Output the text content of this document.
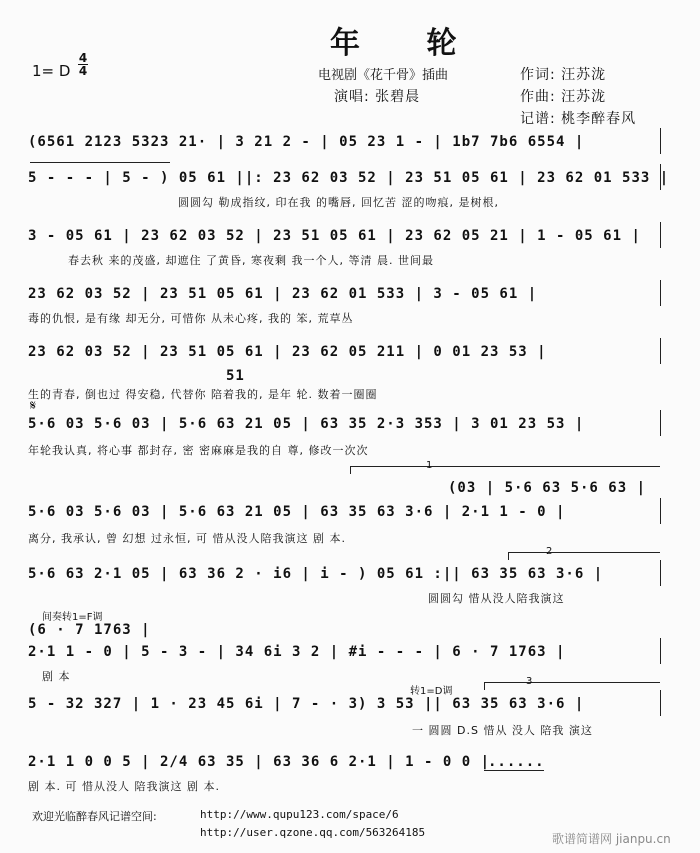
年 轮
1= D
4
4	电视剧《花千骨》插曲
演唱: 张碧晨
作词: 汪苏泷
作曲: 汪苏泷
记谱: 桃李醉春风
(6561 2123 5323 21· | 3 21 2 - | 05 23 1 - | 1b7 7b6 6554 |
5 - - - | 5 - ) 05 61 ||: 23 62 03 52 | 23 51 05 61 | 23 62 01 533 |
圆圆勾 勒成指纹, 印在我 的嘴唇, 回忆苦 涩的吻痕, 是树根,
3 - 05 61 | 23 62 03 52 | 23 51 05 61 | 23 62 05 21 | 1 - 05 61 |
春去秋 来的茂盛, 却遮住 了黄昏, 寒夜剩 我一个人, 等清 晨. 世间最
23 62 03 52 | 23 51 05 61 | 23 62 01 533 | 3 - 05 61 |
毒的仇恨, 是有缘 却无分, 可惜你 从未心疼, 我的 笨, 荒草丛
23 62 03 52 | 23 51 05 61 | 23 62 05 211 | 0 01 23 53 |
51
生的青春, 倒也过 得安稳, 代替你 陪着我的, 是年 轮. 数着一圈圈
𝄋
5·6 03 5·6 03 | 5·6 63 21 05 | 63 35 2·3 353 | 3 01 23 53 |
年轮我认真, 将心事 都封存, 密 密麻麻是我的自 尊, 修改一次次
1
(03 | 5·6 63 5·6 63 |
5·6 03 5·6 03 | 5·6 63 21 05 | 63 35 63 3·6 | 2·1 1 - 0 |
离分, 我承认, 曾 幻想 过永恒, 可 惜从没人陪我演这 剧 本.
2
5·6 63 2·1 05 | 63 36 2 · i6 | i - ) 05 61 :|| 63 35 63 3·6 |
圆圆勾 惜从没人陪我演这
间奏转1=F调
(6 · 7 1763 |
2·1 1 - 0 | 5 - 3 - | 34 6i 3 2 | #i - - - | 6 · 7 1763 |
剧 本	3
转1=D调
5 - 32 327 | 1 · 23 45 6i | 7 - · 3) 3 53 || 63 35 63 3·6 |
一 圆圆 D.S 惜从 没人 陪我 演这
2·1 1 0 0 5 | 2/4 63 35 | 63 36 6 2·1 | 1 - 0 0 |
......
剧 本. 可 惜从没人 陪我演这 剧 本.
欢迎光临醉春风记谱空间:	http://www.qupu123.com/space/6
http://user.qzone.qq.com/563264185	歌谱简谱网 jianpu.cn
